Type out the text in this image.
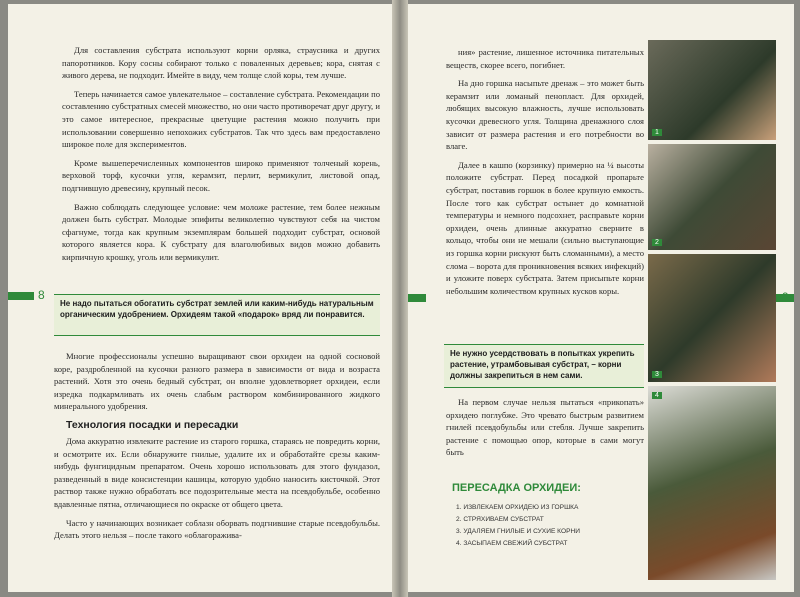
Для составления субстрата используют корни орляка, страусника и других папоротников. Кору сосны собирают только с поваленных деревьев; кора, снятая с живого дерева, не подходит. Имейте в виду, чем толще слой коры, тем лучше.

Теперь начинается самое увлекательное – составление субстрата. Рекомендации по составлению субстратных смесей множество, но они часто противоречат друг другу, и это самое интересное, прекрасные цветущие растения можно получить при использовании совершенно непохожих субстратов. Так что здесь вам предоставлено широкое поле для экспериментов.

Кроме вышеперечисленных компонентов широко применяют толченый корень, верховой торф, кусочки угля, керамзит, перлит, вермикулит, листовой опад, подгнившую древесину, крупный песок.

Важно соблюдать следующее условие: чем моложе растение, тем более нежным должен быть субстрат. Молодые эпифиты великолепно чувствуют себя на чистом сфагнуме, тогда как крупным экземплярам большей подходит субстрат, основой которого является кора. К субстрату для влаголюбивых видов можно добавить кирпичную крошку, уголь или вермикулит.

8
Не надо пытаться обогатить субстрат землей или каким-нибудь натуральным органическим удобрением. Орхидеям такой «подарок» вряд ли понравится.

Многие профессионалы успешно выращивают свои орхидеи на одной сосновой коре, раздробленной на кусочки разного размера в зависимости от вида и возраста растений. Хотя это очень бедный субстрат, он вполне удовлетворяет орхидеи, если изредка подкармливать их очень слабым раствором комбинированного жидкого минерального удобрения.

Технология посадки и пересадки

Дома аккуратно извлеките растение из старого горшка, стараясь не повредить корни, и осмотрите их. Если обнаружите гнилые, удалите их и обработайте срезы каким-нибудь фунгицидным препаратом. Очень хорошо использовать для этого фундазол, разведенный в виде консистенции кашицы, которую удобно наносить кисточкой. Этот раствор также нужно обработать все подозрительные места на псевдобульбе, особенно вдавленные пятна, отличающиеся по окраске от общего цвета.

Часто у начинающих возникает соблазн оборвать подгнившие старые псевдобульбы. Делать этого нельзя – после такого «облагоражива-

ния» растение, лишенное источника питательных веществ, скорее всего, погибнет.

На дно горшка насыпьте дренаж – это может быть керамзит или ломаный пенопласт. Для орхидей, любящих высокую влажность, лучше использовать кусочки древесного угля. Толщина дренажного слоя зависит от размера растения и его потребности во влаге.

Далее в кашпо (корзинку) примерно на ¼ высоты положите субстрат. Перед посадкой пропарьте субстрат, поставив горшок в более крупную емкость. После того как субстрат остынет до комнатной температуры и немного подсохнет, расправьте корни орхидеи, очень длинные аккуратно сверните в кольцо, чтобы они не мешали (сильно выступающие из горшка корни рискуют быть сломанными), а место слома – ворота для проникновения всяких инфекций) и уложите поверх субстрата. Затем присыпьте корни небольшим количеством крупных кусков коры.

Не нужно усердствовать в попытках укрепить растение, утрамбовывая субстрат, – корни должны закрепиться в нем сами.

На первом случае нельзя пытаться «прикопать» орхидею поглубже. Это чревато быстрым развитием гнилей псевдобульбы или стебля. Лучше закрепить растение с помощью опор, которые в сами могут быть

ПЕРЕСАДКА ОРХИДЕИ:
1. ИЗВЛЕКАЕМ ОРХИДЕЮ ИЗ ГОРШКА
2. СТРЯХИВАЕМ СУБСТРАТ
3. УДАЛЯЕМ ГНИЛЫЕ И СУХИЕ КОРНИ
4. ЗАСЫПАЕМ СВЕЖИЙ СУБСТРАТ
1
2
3
4
